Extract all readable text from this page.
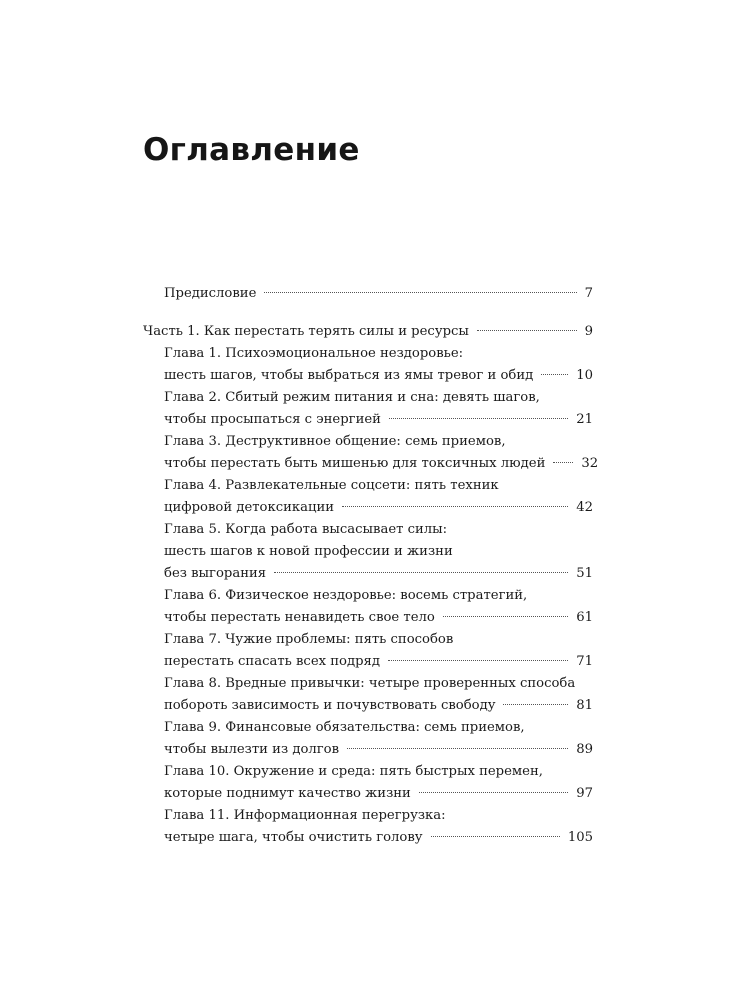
Оглавление
Предисловие	7
Часть 1. Как перестать терять силы и ресурсы	9
Глава 1. Психоэмоциональное нездоровье:
шесть шагов, чтобы выбраться из ямы тревог и обид	10
Глава 2. Сбитый режим питания и сна: девять шагов,
чтобы просыпаться с энергией	21
Глава 3. Деструктивное общение: семь приемов,
чтобы перестать быть мишенью для токсичных людей	32
Глава 4. Развлекательные соцсети: пять техник
цифровой детоксикации	42
Глава 5. Когда работа высасывает силы:
шесть шагов к новой профессии и жизни
без выгорания	51
Глава 6. Физическое нездоровье: восемь стратегий,
чтобы перестать ненавидеть свое тело	61
Глава 7. Чужие проблемы: пять способов
перестать спасать всех подряд	71
Глава 8. Вредные привычки: четыре проверенных способа
побороть зависимость и почувствовать свободу	81
Глава 9. Финансовые обязательства: семь приемов,
чтобы вылезти из долгов	89
Глава 10. Окружение и среда: пять быстрых перемен,
которые поднимут качество жизни	97
Глава 11. Информационная перегрузка:
четыре шага, чтобы очистить голову	105
